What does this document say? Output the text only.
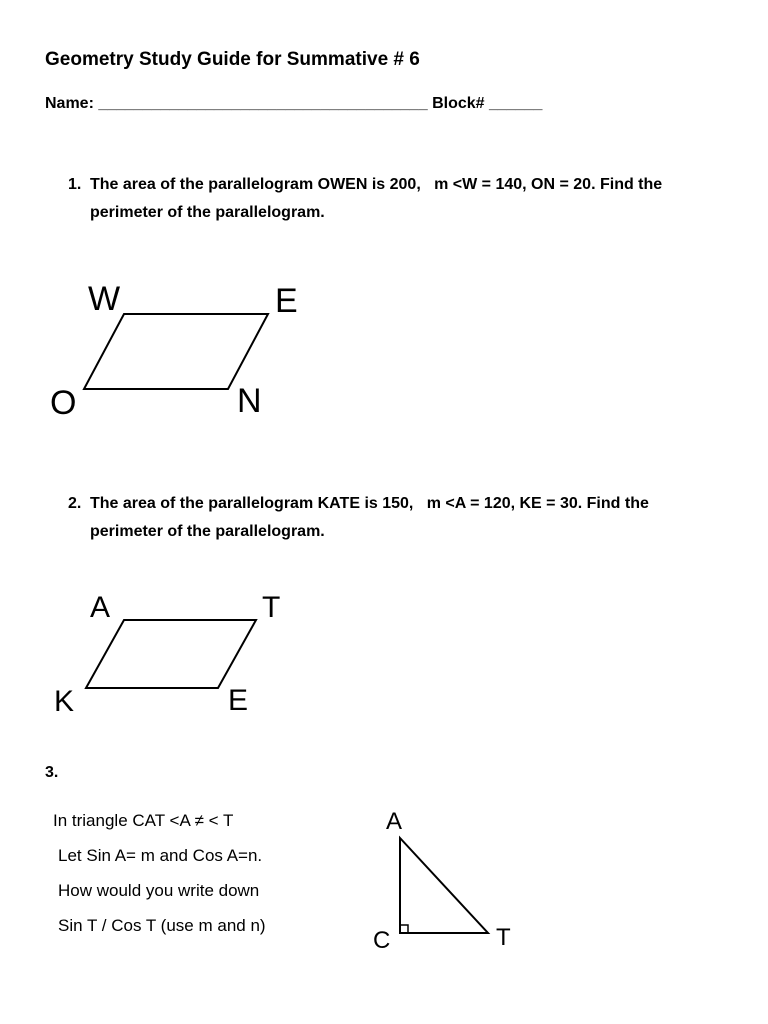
Geometry Study Guide for Summative # 6
Name: _____________________________________ Block# ______
1. The area of the parallelogram OWEN is 200,   m <W = 140, ON = 20. Find the
perimeter of the parallelogram.
W	E
O	N
2. The area of the parallelogram KATE is 150,   m <A = 120, KE = 30. Find the
perimeter of the parallelogram.
A	T
K	E
3.
In triangle CAT <A ≠ < T
Let Sin A= m and Cos A=n.
How would you write down
Sin T / Cos T (use m and n)
A
C	T
